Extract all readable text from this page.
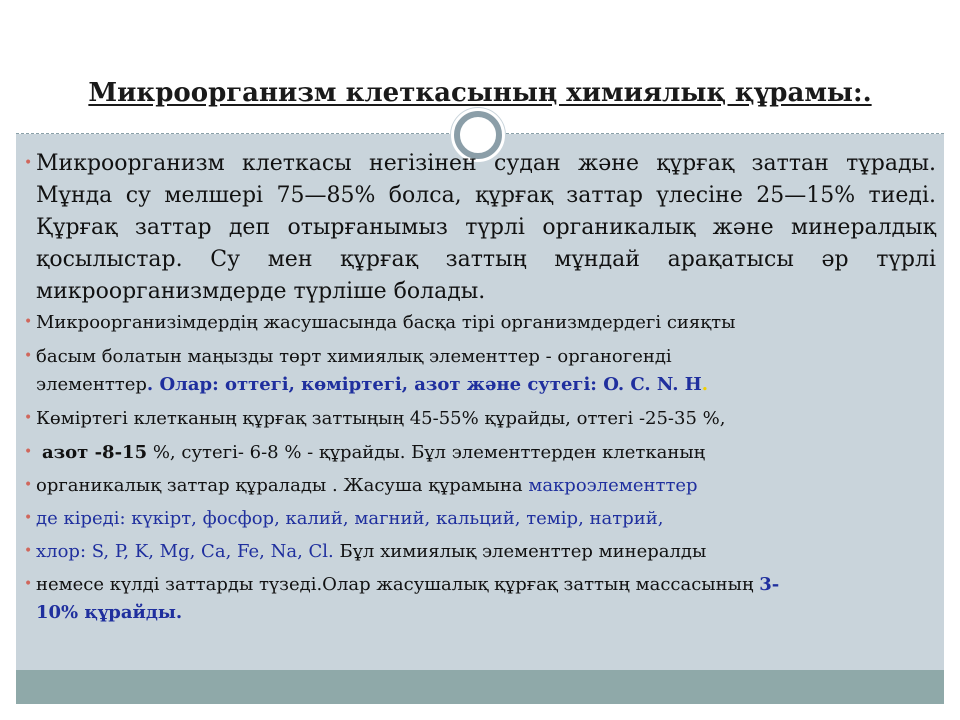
Микроорганизм клеткасының химиялық құрамы:.
• Микроорганизм клеткасы негізінен судан және құрғақ заттан тұрады.
Мұнда су мелшері 75—85% болса, құрғақ заттар үлесіне 25—15% тиеді.
Құрғақ заттар деп отырғанымыз түрлі органикалық және минералдық
қосылыстар. Су мен құрғақ заттың мұндай арақатысы әр түрлі
микроорганизмдерде түрліше болады.
• Микроорганизімдердің жасушасында басқа тірі организмдердегі сияқты
• басым болатын маңызды төрт химиялық элементтер - органогенді
элементтер. Олар: оттегі, көміртегі, азот және сутегі: O. C. N. H.
• Көміртегі клетканың құрғақ заттыңың 45-55% құрайды, оттегі -25-35 %,
• азот -8-15 %, сутегі- 6-8 % - құрайды. Бұл элементтерден клетканың
• органикалық заттар құралады . Жасуша құрамына макроэлементтер
• де кіреді: күкірт, фосфор, калий, магний, кальций, темір, натрий,
• хлор: S, P, K, Mg, Ca, Fe, Na, Cl. Бұл химиялық элементтер минералды
• немесе күлді заттарды түзеді.Олар жасушалық құрғақ заттың массасының 3-
10% құрайды.
